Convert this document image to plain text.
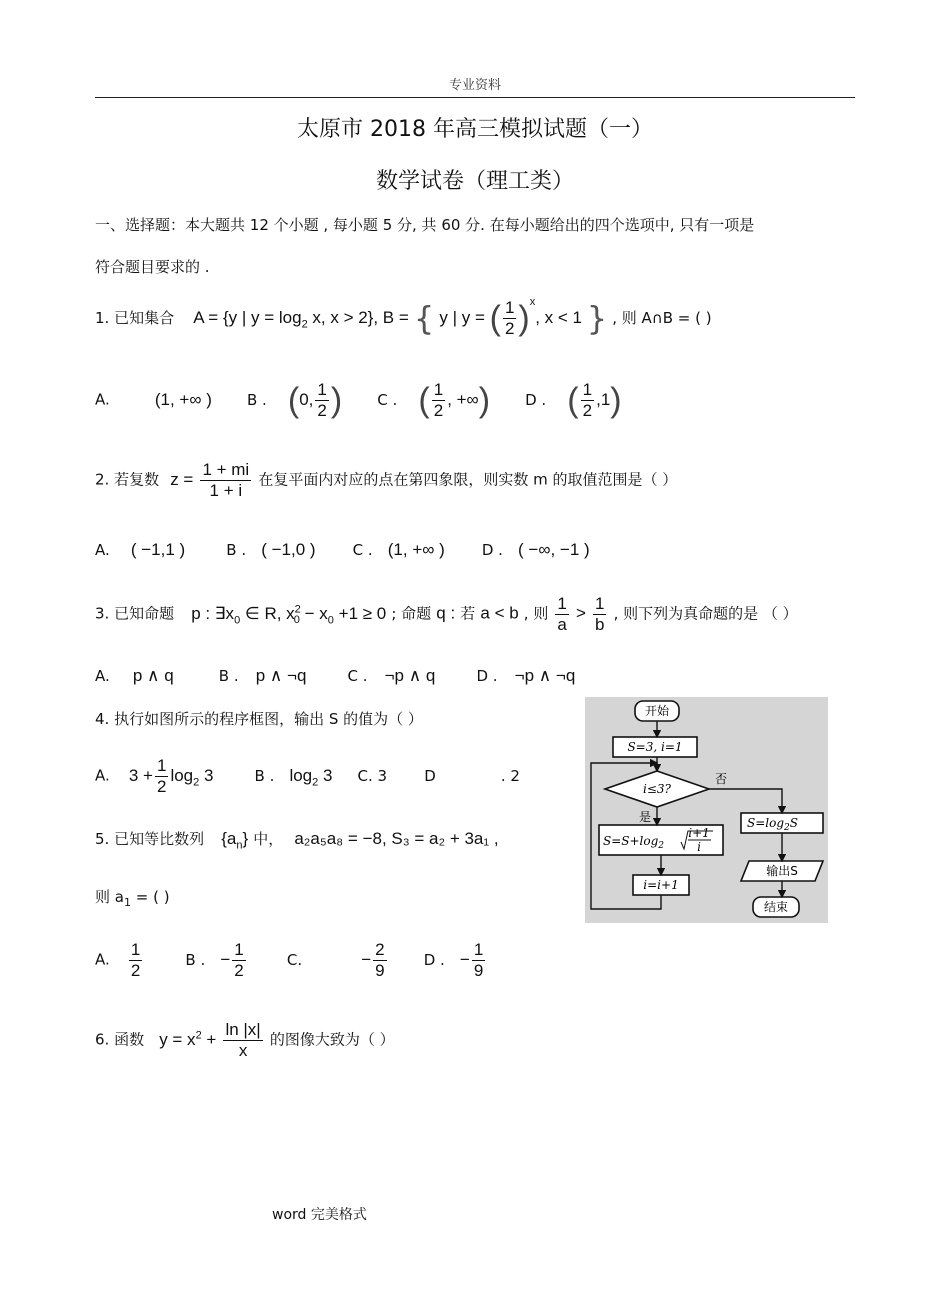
专业资料
太原市 2018 年高三模拟试题（一）
数学试卷（理工类）
一、选择题：本大题共 12 个小题 , 每小题 5 分, 共 60 分. 在每小题给出的四个选项中, 只有一项是
符合题目要求的 .
1. 已知集合 A = {y | $y = \log_2 x$, x > 2}, B = { y | y = ( $\frac{1}{2} )^x$, x < 1 } , 则 A∩B = ( )
A.	(1, +∞ ) B . (0, $\frac{1}{2}$ ) C . ( $\frac{1}{2}$ , +∞) D . ( $\frac{1}{2} ,1$)
2. 若复数 $z = \frac{1 + mi}{1 + i}$ 在复平面内对应的点在第四象限，则实数 m 的取值范围是（ ）
A. ( −1,1 )	B . ( −1,0 ) C . (1, +∞ ) D . ( −∞, −1 )
3. 已知命题 p : $\exists x_0$ ∈ R, $x^2_0 - x_0 +1 \ge 0$ ; 命题 q : 若 a < b , 则 $\frac{1}{a} > \frac{1}{b}$ , 则下列为真命题的是 （ ）
A. p ∧ q	B . p ∧ ¬q	C . ¬p ∧ q	D . ¬p ∧ ¬q
4. 执行如图所示的程序框图，输出 S 的值为（ ）
A. $3 + \frac{1}{2} \log_2 3$	B . $\log_2 3$ C. 3 D	. 2
开始
S=3, i=1
i≤3?
是
否
$S=S+\log_2$
i+1
i
i=i+1
$S=\log_2S$
输出S
结束
5. 已知等比数列 $\{a_n\}$ 中， a₂a₅a₈ = −8, S₃ = a₂ + 3a₁ ,
则 $a_1$ = ( )
A. $\frac{1}{2}$	B . − $\frac{1}{2}$	C.	− $\frac{2}{9}$ D . − $\frac{1}{9}$
6. 函数 $y = x^2 + \frac{\ln |x|}{x}$ 的图像大致为（ ）
word 完美格式
